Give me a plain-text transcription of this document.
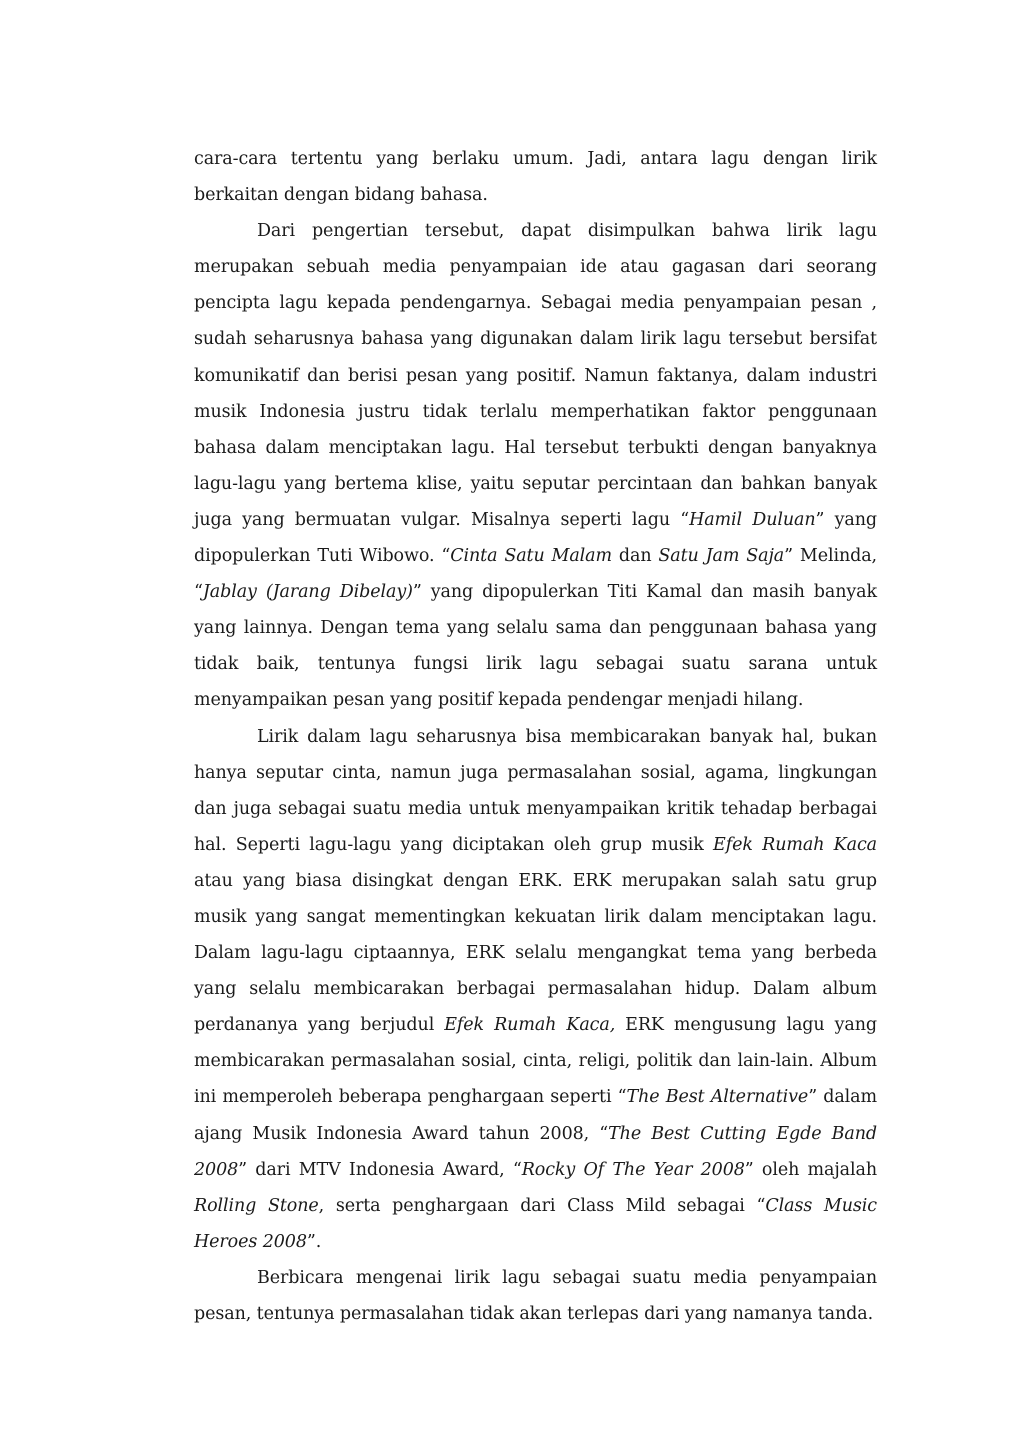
cara-cara tertentu yang berlaku umum. Jadi, antara lagu dengan lirik berkaitan dengan bidang bahasa.

Dari pengertian tersebut, dapat disimpulkan bahwa lirik lagu merupakan sebuah media penyampaian ide atau gagasan dari seorang pencipta lagu kepada pendengarnya. Sebagai media penyampaian pesan , sudah seharusnya bahasa yang digunakan dalam lirik lagu tersebut bersifat komunikatif dan berisi pesan yang positif. Namun faktanya, dalam industri musik Indonesia justru tidak terlalu memperhatikan faktor penggunaan bahasa dalam menciptakan lagu. Hal tersebut terbukti dengan banyaknya lagu-lagu yang bertema klise, yaitu seputar percintaan dan bahkan banyak juga yang bermuatan vulgar. Misalnya seperti lagu “Hamil Duluan” yang dipopulerkan Tuti Wibowo. “Cinta Satu Malam dan Satu Jam Saja” Melinda, “Jablay (Jarang Dibelay)” yang dipopulerkan Titi Kamal dan masih banyak yang lainnya. Dengan tema yang selalu sama dan penggunaan bahasa yang tidak baik, tentunya fungsi lirik lagu sebagai suatu sarana untuk menyampaikan pesan yang positif kepada pendengar menjadi hilang.

Lirik dalam lagu seharusnya bisa membicarakan banyak hal, bukan hanya seputar cinta, namun juga permasalahan sosial, agama, lingkungan dan juga sebagai suatu media untuk menyampaikan kritik tehadap berbagai hal. Seperti lagu-lagu yang diciptakan oleh grup musik Efek Rumah Kaca atau yang biasa disingkat dengan ERK. ERK merupakan salah satu grup musik yang sangat mementingkan kekuatan lirik dalam menciptakan lagu. Dalam lagu-lagu ciptaannya, ERK selalu mengangkat tema yang berbeda yang selalu membicarakan berbagai permasalahan hidup. Dalam album perdananya yang berjudul Efek Rumah Kaca, ERK mengusung lagu yang membicarakan permasalahan sosial, cinta, religi, politik dan lain-lain. Album ini memperoleh beberapa penghargaan seperti “The Best Alternative” dalam ajang Musik Indonesia Award tahun 2008, “The Best Cutting Egde Band 2008” dari MTV Indonesia Award, “Rocky Of The Year 2008” oleh majalah Rolling Stone, serta penghargaan dari Class Mild sebagai “Class Music Heroes 2008”.

Berbicara mengenai lirik lagu sebagai suatu media penyampaian pesan, tentunya permasalahan tidak akan terlepas dari yang namanya tanda.
